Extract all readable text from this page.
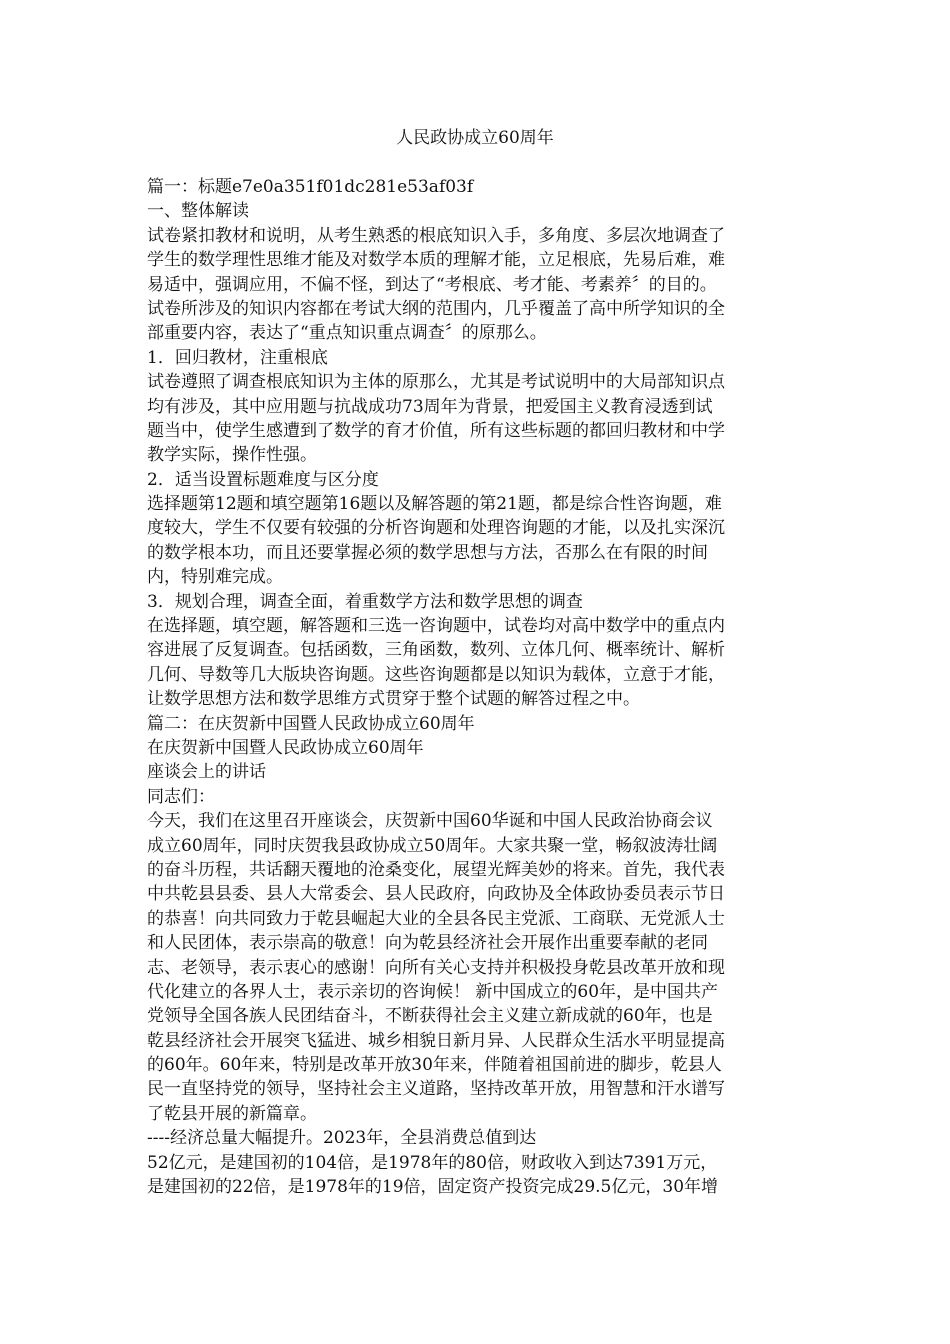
人民政协成立60周年
篇一：标题e7e0a351f01dc281e53af03f
一、整体解读
试卷紧扣教材和说明，从考生熟悉的根底知识入手，多角度、多层次地调查了
学生的数学理性思维才能及对数学本质的理解才能，立足根底，先易后难，难
易适中，强调应用，不偏不怪，到达了“考根底、考才能、考素养〞的目的。
试卷所涉及的知识内容都在考试大纲的范围内，几乎覆盖了高中所学知识的全
部重要内容，表达了“重点知识重点调查〞的原那么。
1．回归教材，注重根底
试卷遵照了调查根底知识为主体的原那么，尤其是考试说明中的大局部知识点
均有涉及，其中应用题与抗战成功73周年为背景，把爱国主义教育浸透到试
题当中，使学生感遭到了数学的育才价值，所有这些标题的都回归教材和中学
教学实际，操作性强。
2．适当设置标题难度与区分度
选择题第12题和填空题第16题以及解答题的第21题，都是综合性咨询题，难
度较大，学生不仅要有较强的分析咨询题和处理咨询题的才能，以及扎实深沉
的数学根本功，而且还要掌握必须的数学思想与方法，否那么在有限的时间
内，特别难完成。
3．规划合理，调查全面，着重数学方法和数学思想的调查
在选择题，填空题，解答题和三选一咨询题中，试卷均对高中数学中的重点内
容进展了反复调查。包括函数，三角函数，数列、立体几何、概率统计、解析
几何、导数等几大版块咨询题。这些咨询题都是以知识为载体，立意于才能，
让数学思想方法和数学思维方式贯穿于整个试题的解答过程之中。
篇二：在庆贺新中国暨人民政协成立60周年
在庆贺新中国暨人民政协成立60周年
座谈会上的讲话
同志们：
今天，我们在这里召开座谈会，庆贺新中国60华诞和中国人民政治协商会议
成立60周年，同时庆贺我县政协成立50周年。大家共聚一堂，畅叙波涛壮阔
的奋斗历程，共话翻天覆地的沧桑变化，展望光辉美妙的将来。首先，我代表
中共乾县县委、县人大常委会、县人民政府，向政协及全体政协委员表示节日
的恭喜！向共同致力于乾县崛起大业的全县各民主党派、工商联、无党派人士
和人民团体，表示崇高的敬意！向为乾县经济社会开展作出重要奉献的老同
志、老领导，表示衷心的感谢！向所有关心支持并积极投身乾县改革开放和现
代化建立的各界人士，表示亲切的咨询候！ 新中国成立的60年，是中国共产
党领导全国各族人民团结奋斗，不断获得社会主义建立新成就的60年，也是
乾县经济社会开展突飞猛进、城乡相貌日新月异、人民群众生活水平明显提高
的60年。60年来，特别是改革开放30年来，伴随着祖国前进的脚步，乾县人
民一直坚持党的领导，坚持社会主义道路，坚持改革开放，用智慧和汗水谱写
了乾县开展的新篇章。
----经济总量大幅提升。2023年，全县消费总值到达
52亿元，是建国初的104倍，是1978年的80倍，财政收入到达7391万元，
是建国初的22倍，是1978年的19倍，固定资产投资完成29.5亿元，30年增
